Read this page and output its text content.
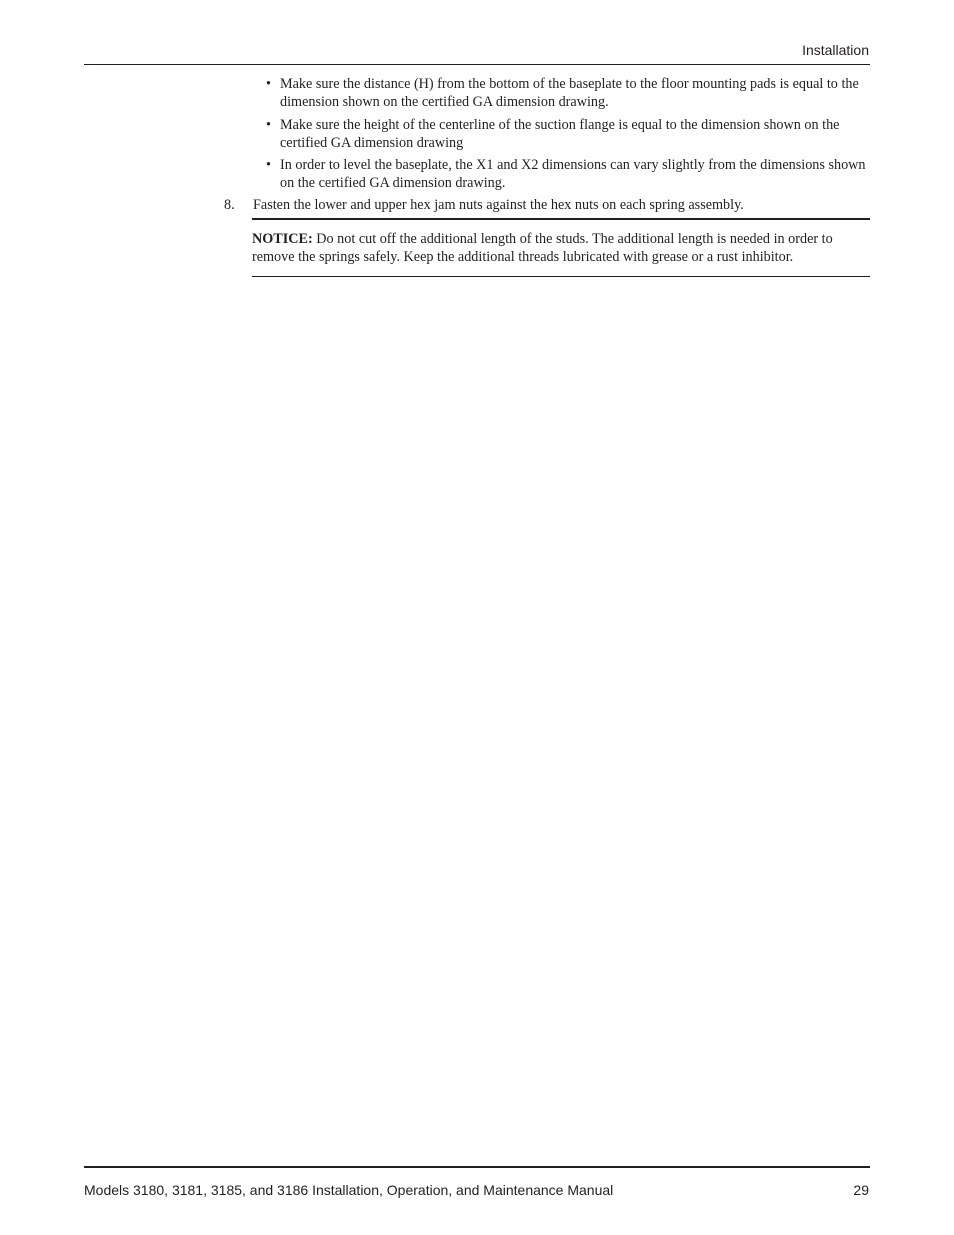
Installation
• Make sure the distance (H) from the bottom of the baseplate to the floor mounting pads is equal to the dimension shown on the certified GA dimension drawing.
• Make sure the height of the centerline of the suction flange is equal to the dimension shown on the certified GA dimension drawing
• In order to level the baseplate, the X1 and X2 dimensions can vary slightly from the dimensions shown on the certified GA dimension drawing.
8. Fasten the lower and upper hex jam nuts against the hex nuts on each spring assembly.
NOTICE: Do not cut off the additional length of the studs. The additional length is needed in order to remove the springs safely. Keep the additional threads lubricated with grease or a rust inhibitor.
Models 3180, 3181, 3185, and 3186 Installation, Operation, and Maintenance Manual	29
